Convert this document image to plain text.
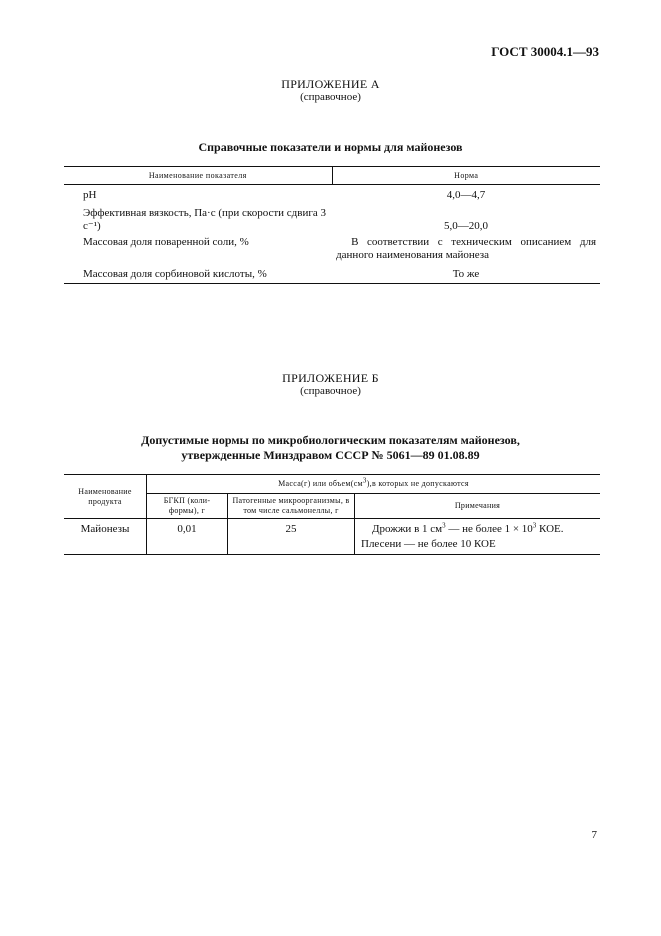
ГОСТ 30004.1—93
ПРИЛОЖЕНИЕ А
(справочное)
Справочные показатели и нормы для майонезов
Наименование показателя	Норма
pH	4,0—4,7

Эффективная вязкость, Па·с (при скорости сдвига 3 с⁻¹)	5,0—20,0
Массовая доля поваренной соли, %	В соответствии с техническим описанием для данного наименования майонеза
Массовая доля сорбиновой кислоты, %	То же
ПРИЛОЖЕНИЕ Б
(справочное)
Допустимые нормы по микробиологическим показателям майонезов,
утвержденные Минздравом СССР № 5061—89 01.08.89
Наименование продукта	Масса(г) или $объем(см^3),в$ которых не допускаются		
	БГКП (коли-формы), г	Патогенные микроорганизмы, в том числе сальмонеллы, г	Примечания
Майонезы	0,01	25	Дрожжи в 1 $см^3$ — не более $1 \times 10^3$ КОЕ.
Плесени — не более 10 КОЕ
7
